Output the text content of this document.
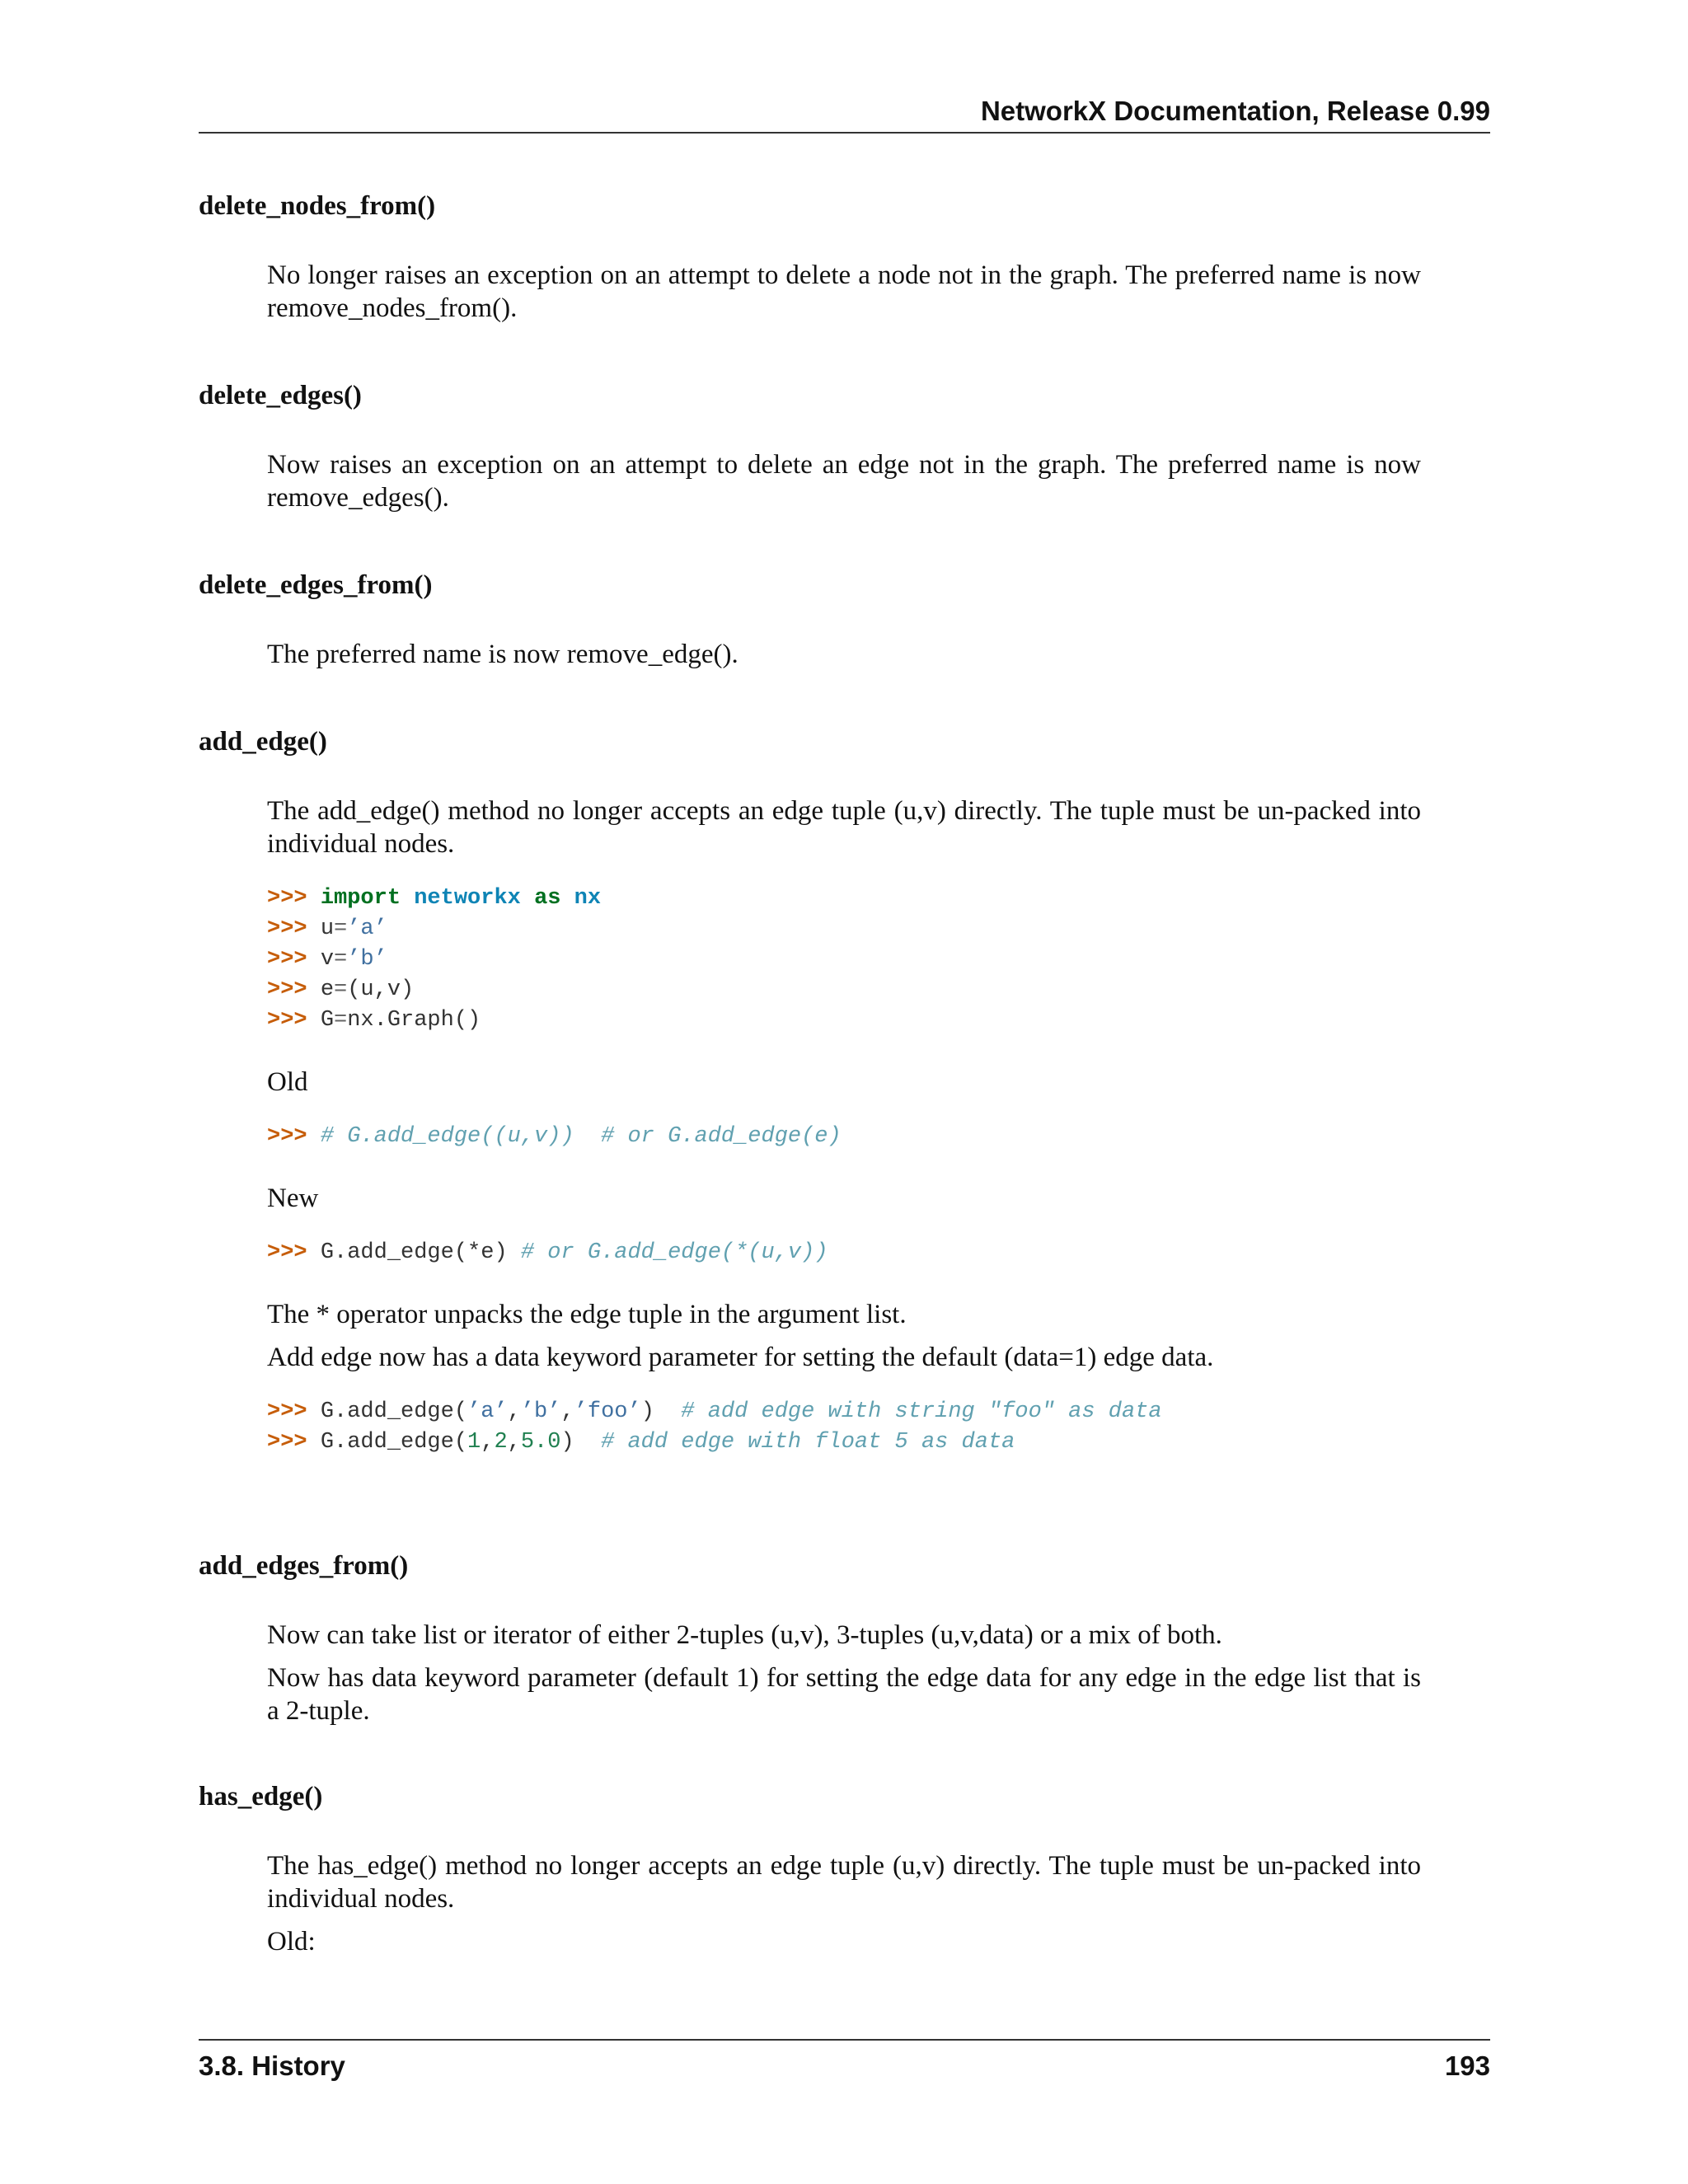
NetworkX Documentation, Release 0.99

delete_nodes_from()

No longer raises an exception on an attempt to delete a node not in the graph. The preferred name is now remove_nodes_from().

delete_edges()

Now raises an exception on an attempt to delete an edge not in the graph. The preferred name is now remove_edges().

delete_edges_from()

The preferred name is now remove_edge().

add_edge()

The add_edge() method no longer accepts an edge tuple (u,v) directly. The tuple must be un-packed into individual nodes.

>>> import networkx as nx
>>> u=’a’
>>> v=’b’
>>> e=(u,v)
>>> G=nx.Graph()

Old

>>> # G.add_edge((u,v))  # or G.add_edge(e)

New

>>> G.add_edge(*e) # or G.add_edge(*(u,v))

The * operator unpacks the edge tuple in the argument list.

Add edge now has a data keyword parameter for setting the default (data=1) edge data.

>>> G.add_edge(’a’,’b’,’foo’) # add edge with string "foo" as data
>>> G.add_edge(1,2,5.0) # add edge with float 5 as data

add_edges_from()

Now can take list or iterator of either 2-tuples (u,v), 3-tuples (u,v,data) or a mix of both.

Now has data keyword parameter (default 1) for setting the edge data for any edge in the edge list that is a 2-tuple.

has_edge()

The has_edge() method no longer accepts an edge tuple (u,v) directly. The tuple must be un-packed into individual nodes.

Old:

3.8. History	193
